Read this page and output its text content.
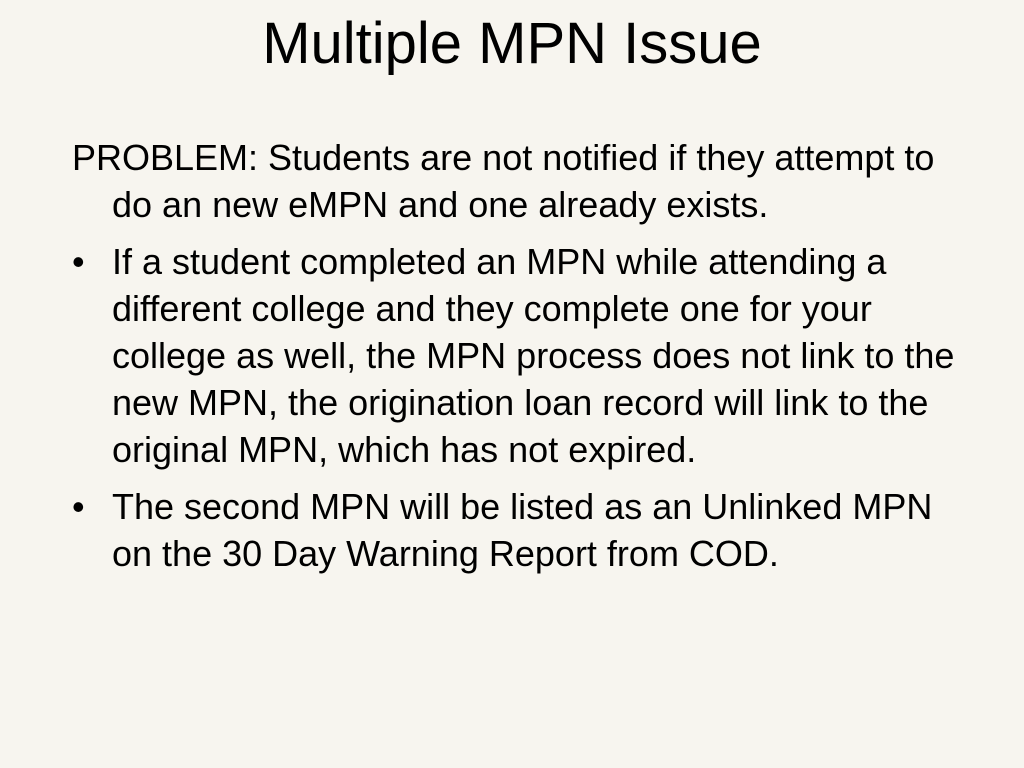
Multiple MPN Issue

PROBLEM: Students are not notified if they attempt to do an new eMPN and one already exists.

• If a student completed an MPN while attending a different college and they complete one for your college as well, the MPN process does not link to the new MPN, the origination loan record will link to the original MPN, which has not expired.

• The second MPN will be listed as an Unlinked MPN on the 30 Day Warning Report from COD.
